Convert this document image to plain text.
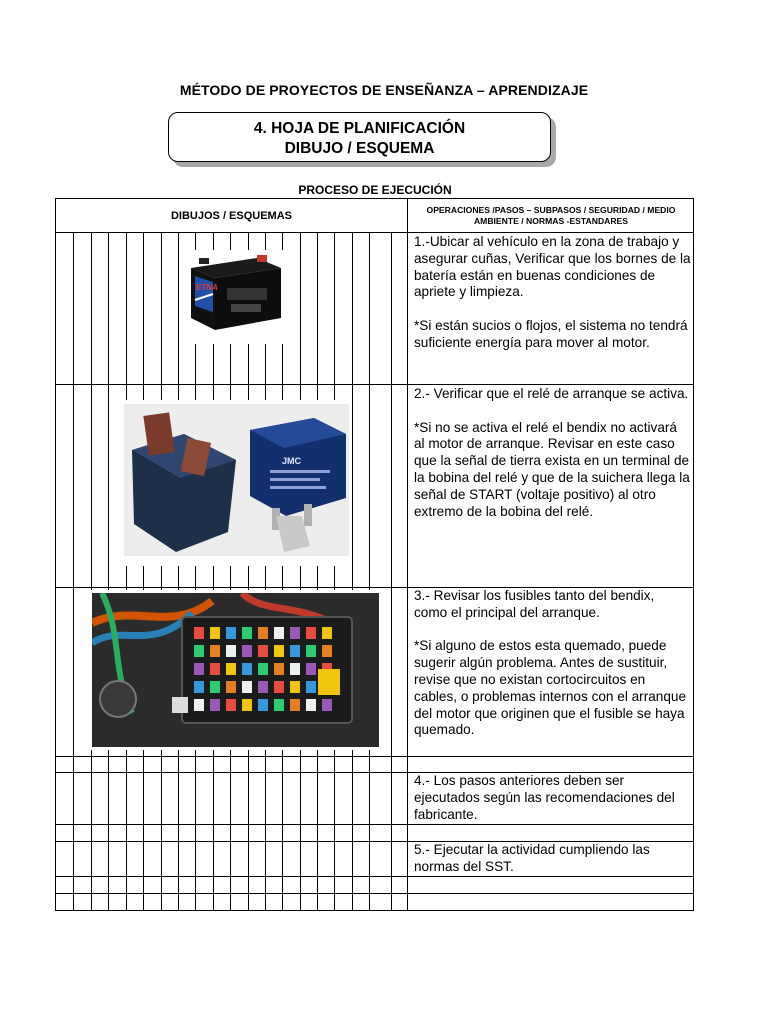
MÉTODO DE PROYECTOS DE ENSEÑANZA – APRENDIZAJE
4. HOJA DE PLANIFICACIÓN
DIBUJO / ESQUEMA
PROCESO DE EJECUCIÓN
DIBUJOS / ESQUEMAS	OPERACIONES /PASOS – SUBPASOS / SEGURIDAD / MEDIO AMBIENTE / NORMAS -ESTANDARES
ETNA
JMC
1.-Ubicar al vehículo en la zona de trabajo y asegurar cuñas, Verificar que los bornes de la batería están en buenas condiciones de apriete y limpieza.

*Si están sucios o flojos, el sistema no tendrá suficiente energía para mover al motor.
2.- Verificar que el relé de arranque se activa.

*Si no se activa el relé el bendix no activará al motor de arranque. Revisar en este caso que la señal de tierra exista en un terminal de la bobina del relé y que de la suichera llega la señal de START (voltaje positivo) al otro extremo de la bobina del relé.
3.- Revisar los fusibles tanto del bendix, como el principal del arranque.

*Si alguno de estos esta quemado, puede sugerir algún problema. Antes de sustituir, revise que no existan cortocircuitos en cables, o problemas internos con el arranque del motor que originen que el fusible se haya quemado.
4.- Los pasos anteriores deben ser ejecutados según las recomendaciones del fabricante.
5.- Ejecutar la actividad cumpliendo las normas del SST.
